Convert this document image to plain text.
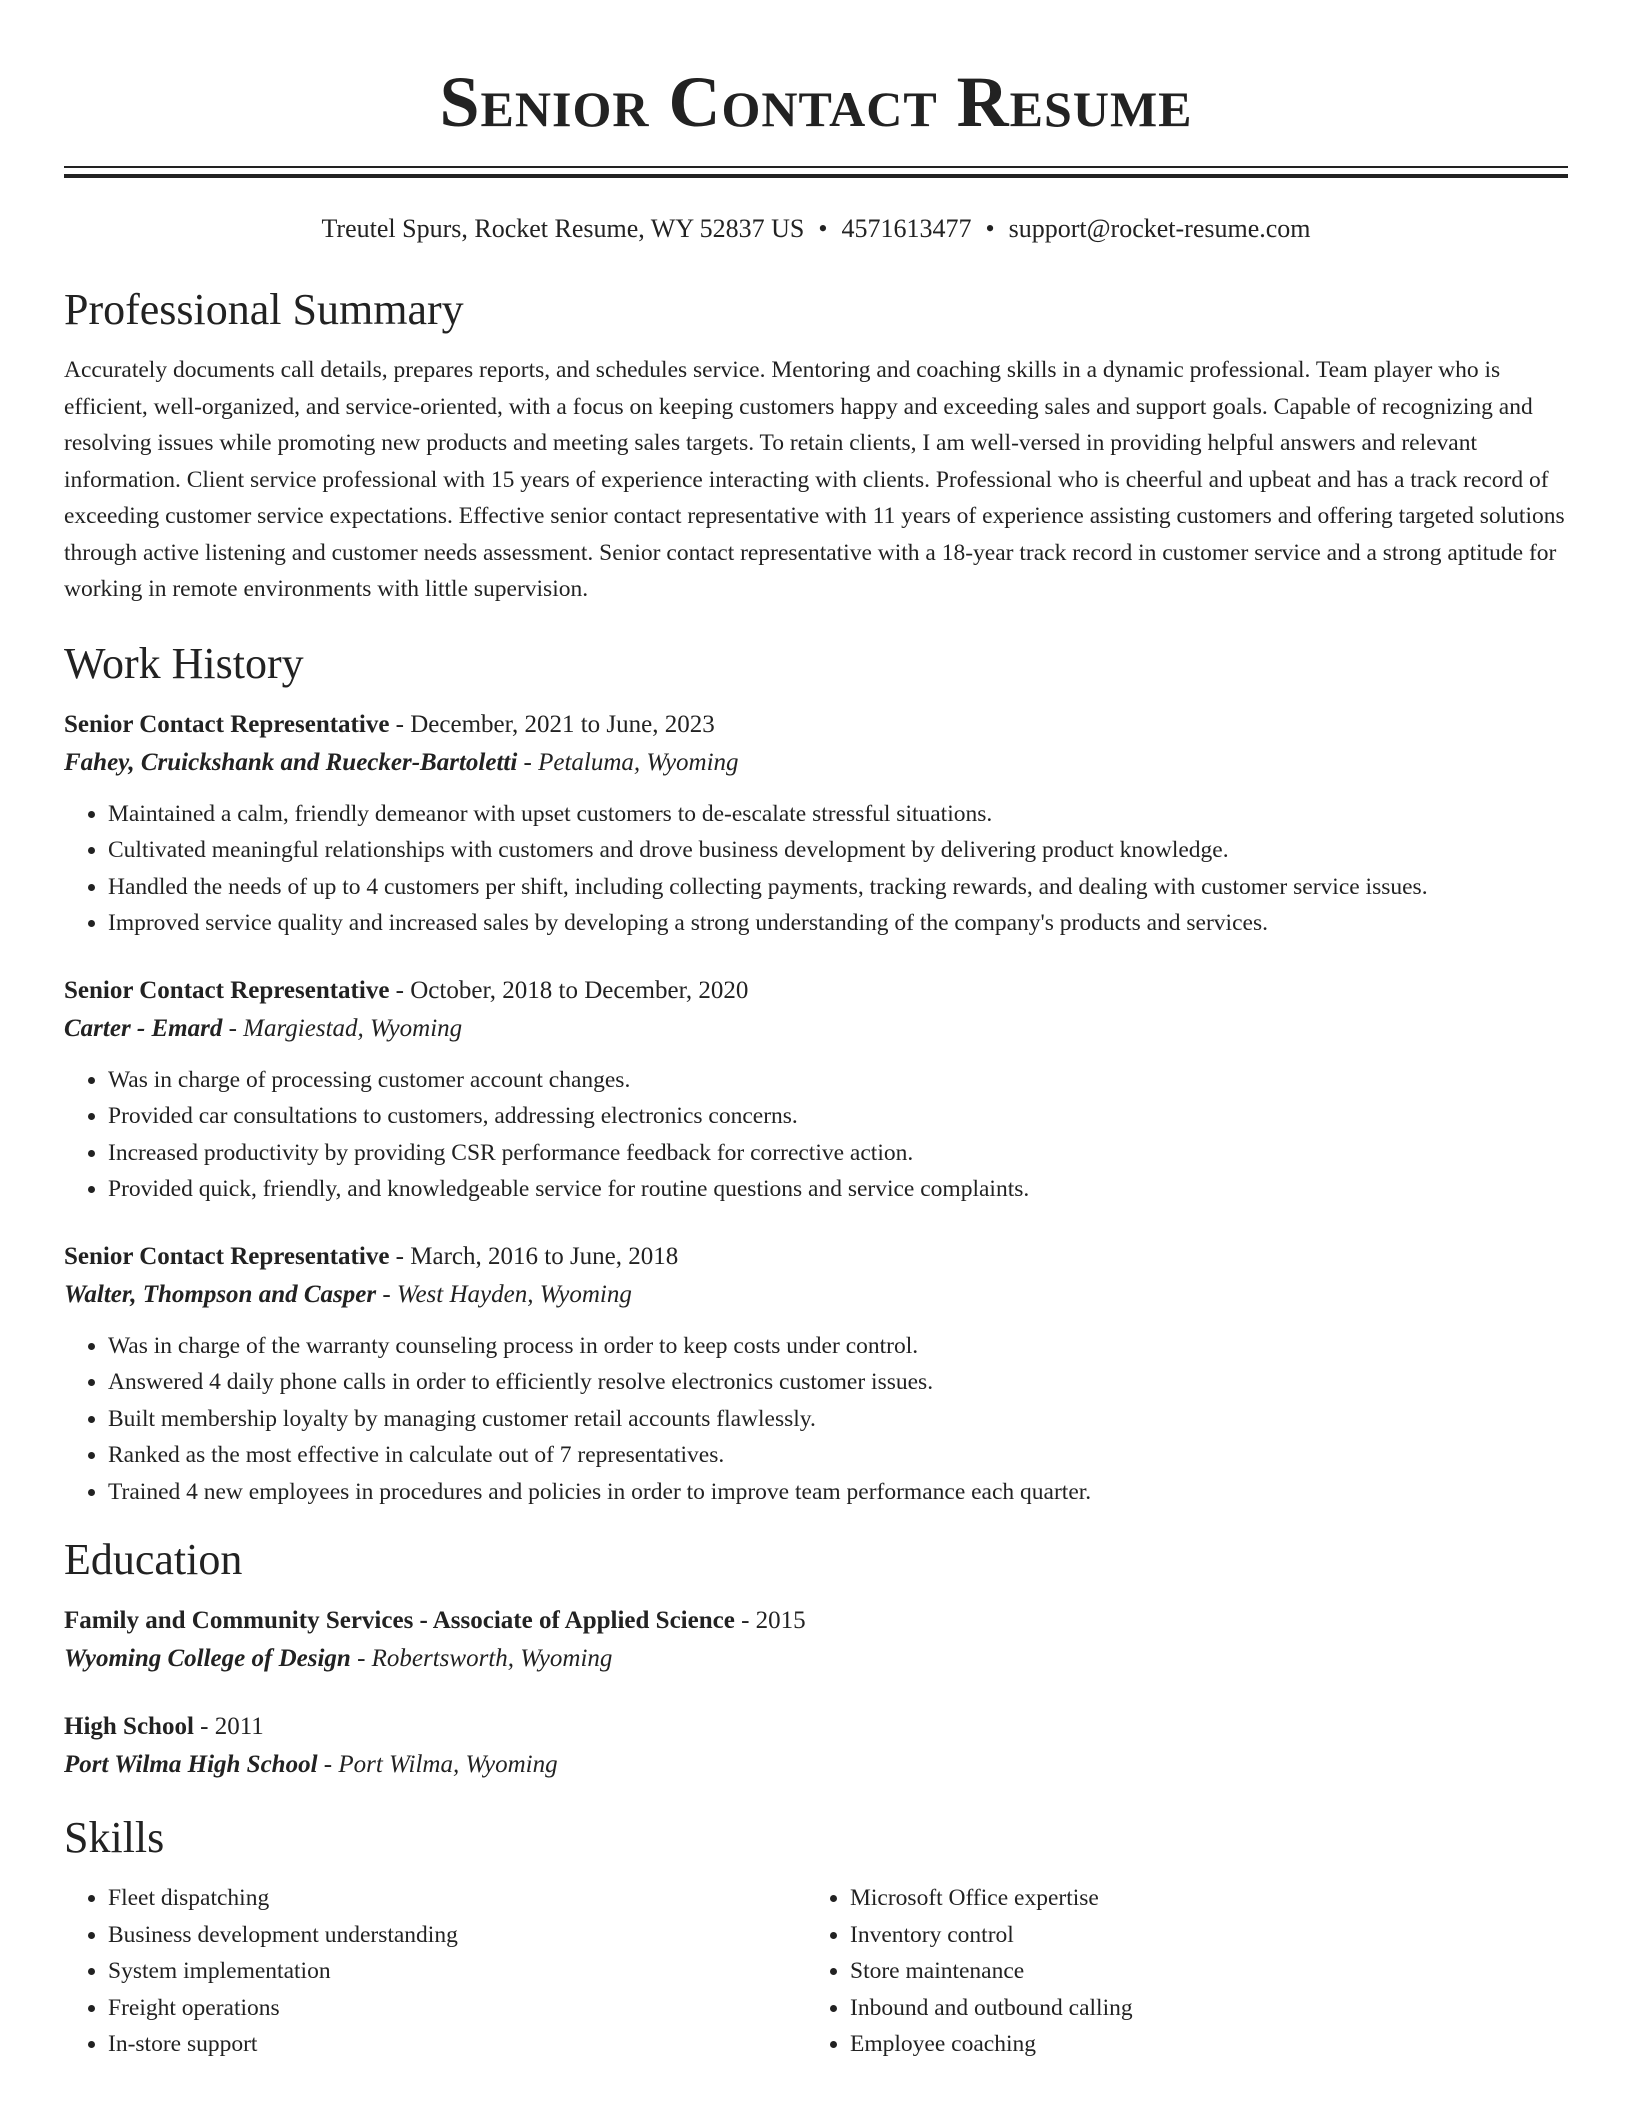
Senior Contact Resume
Treutel Spurs, Rocket Resume, WY 52837 US • 4571613477 • support@rocket-resume.com
Professional Summary

Accurately documents call details, prepares reports, and schedules service. Mentoring and coaching skills in a dynamic professional. Team player who is efficient, well-organized, and service-oriented, with a focus on keeping customers happy and exceeding sales and support goals. Capable of recognizing and resolving issues while promoting new products and meeting sales targets. To retain clients, I am well-versed in providing helpful answers and relevant information. Client service professional with 15 years of experience interacting with clients. Professional who is cheerful and upbeat and has a track record of exceeding customer service expectations. Effective senior contact representative with 11 years of experience assisting customers and offering targeted solutions through active listening and customer needs assessment. Senior contact representative with a 18-year track record in customer service and a strong aptitude for working in remote environments with little supervision.

Work History
Senior Contact Representative - December, 2021 to June, 2023
Fahey, Cruickshank and Ruecker-Bartoletti - Petaluma, Wyoming
• Maintained a calm, friendly demeanor with upset customers to de-escalate stressful situations.
• Cultivated meaningful relationships with customers and drove business development by delivering product knowledge.
• Handled the needs of up to 4 customers per shift, including collecting payments, tracking rewards, and dealing with customer service issues.
• Improved service quality and increased sales by developing a strong understanding of the company's products and services.
Senior Contact Representative - October, 2018 to December, 2020
Carter - Emard - Margiestad, Wyoming
• Was in charge of processing customer account changes.
• Provided car consultations to customers, addressing electronics concerns.
• Increased productivity by providing CSR performance feedback for corrective action.
• Provided quick, friendly, and knowledgeable service for routine questions and service complaints.
Senior Contact Representative - March, 2016 to June, 2018
Walter, Thompson and Casper - West Hayden, Wyoming
• Was in charge of the warranty counseling process in order to keep costs under control.
• Answered 4 daily phone calls in order to efficiently resolve electronics customer issues.
• Built membership loyalty by managing customer retail accounts flawlessly.
• Ranked as the most effective in calculate out of 7 representatives.
• Trained 4 new employees in procedures and policies in order to improve team performance each quarter.
Education
Family and Community Services - Associate of Applied Science - 2015
Wyoming College of Design - Robertsworth, Wyoming
High School - 2011
Port Wilma High School - Port Wilma, Wyoming
Skills
• Fleet dispatching
• Business development understanding
• System implementation
• Freight operations
• In-store support
• Microsoft Office expertise
• Inventory control
• Store maintenance
• Inbound and outbound calling
• Employee coaching
